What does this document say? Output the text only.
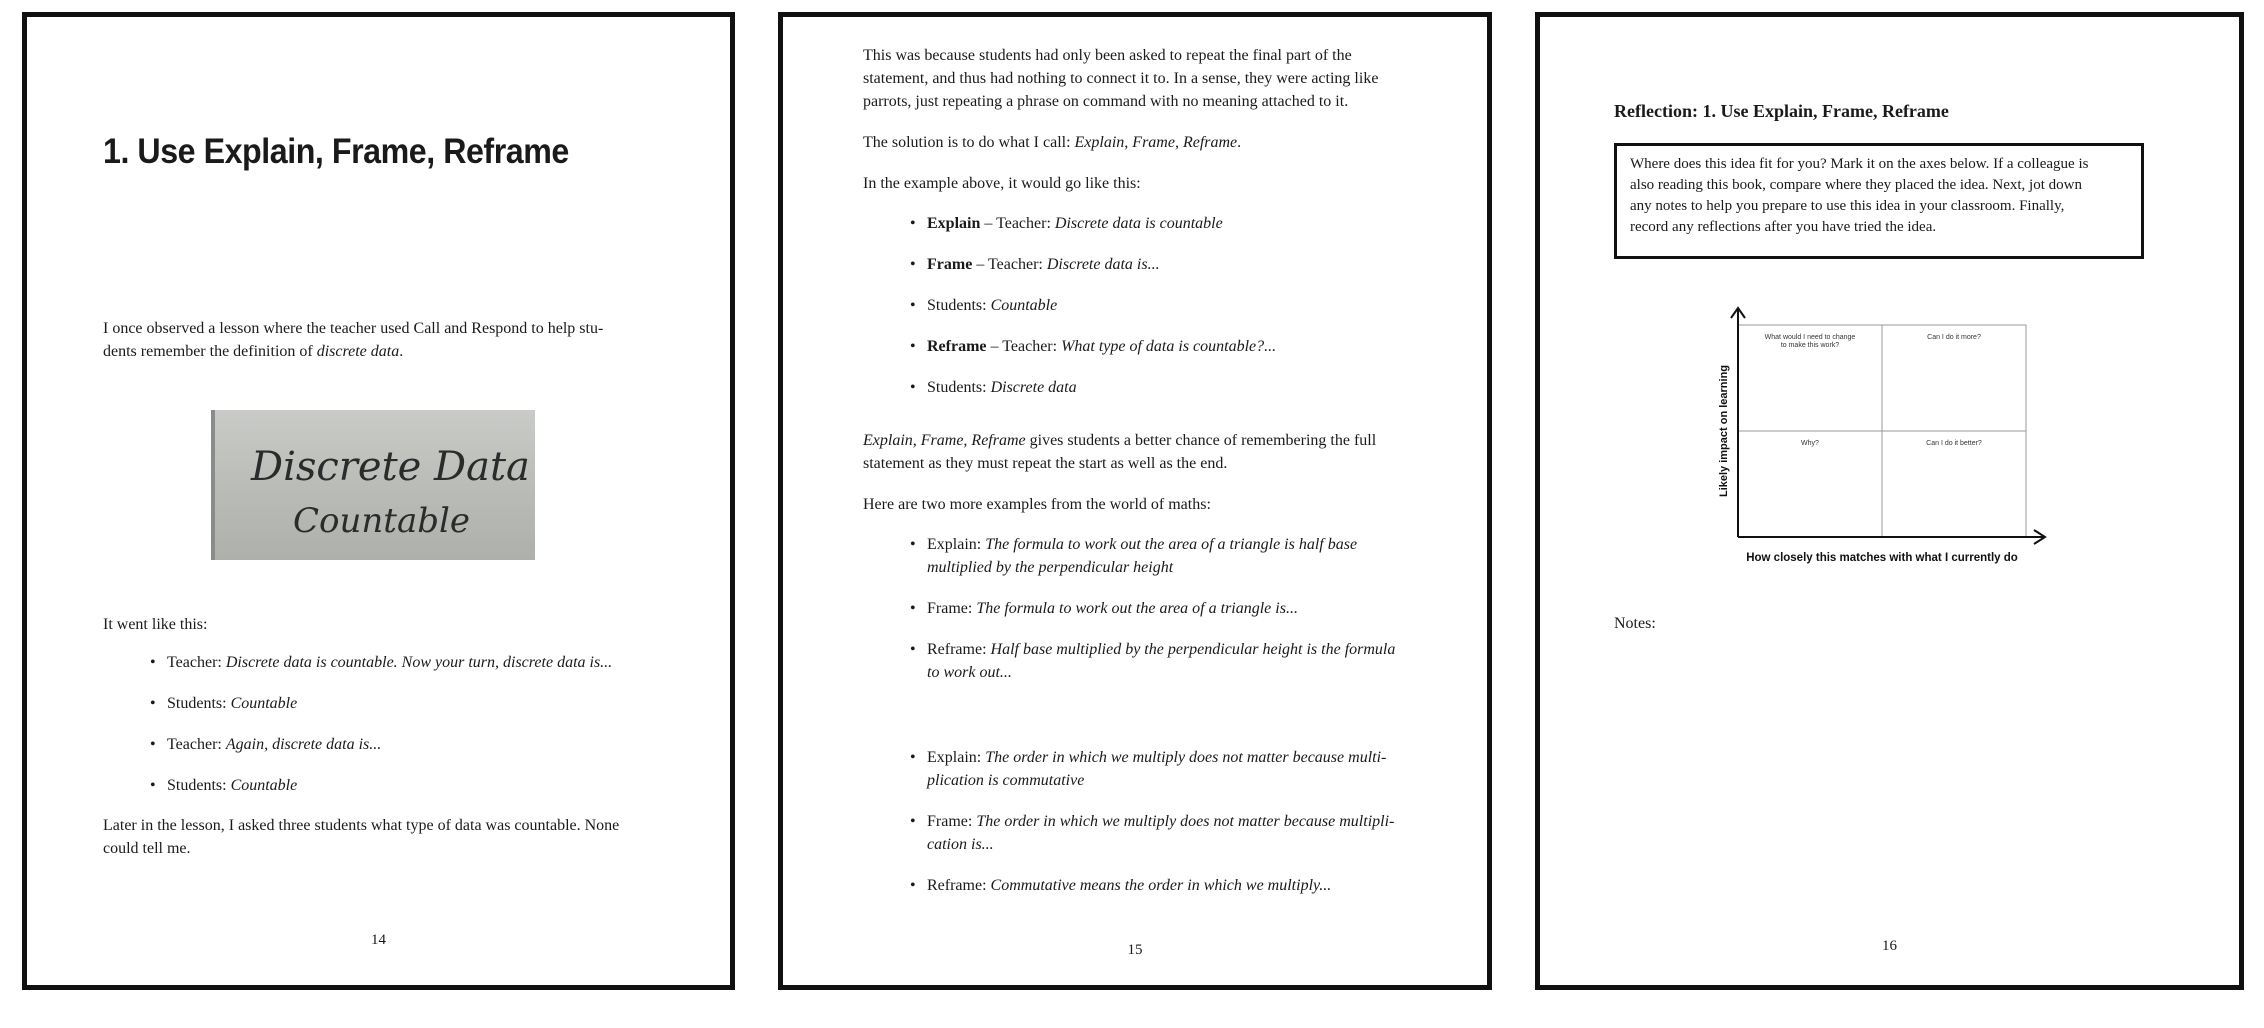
1. Use Explain, Frame, Reframe

I once observed a lesson where the teacher used Call and Respond to help stu-
dents remember the definition of discrete data.

Discrete Data
Countable

It went like this:

• Teacher: Discrete data is countable. Now your turn, discrete data is...
• Students: Countable
• Teacher: Again, discrete data is...
• Students: Countable

Later in the lesson, I asked three students what type of data was countable. None
could tell me.

14

This was because students had only been asked to repeat the final part of the
statement, and thus had nothing to connect it to. In a sense, they were acting like
parrots, just repeating a phrase on command with no meaning attached to it.

The solution is to do what I call: Explain, Frame, Reframe.

In the example above, it would go like this:

• Explain – Teacher: Discrete data is countable
• Frame – Teacher: Discrete data is...
• Students: Countable
• Reframe – Teacher: What type of data is countable?...
• Students: Discrete data

Explain, Frame, Reframe gives students a better chance of remembering the full
statement as they must repeat the start as well as the end.

Here are two more examples from the world of maths:

• Explain: The formula to work out the area of a triangle is half base
multiplied by the perpendicular height
• Frame: The formula to work out the area of a triangle is...
• Reframe: Half base multiplied by the perpendicular height is the formula
to work out...
• Explain: The order in which we multiply does not matter because multi-
plication is commutative
• Frame: The order in which we multiply does not matter because multipli-
cation is...
• Reframe: Commutative means the order in which we multiply...
15

Reflection: 1. Use Explain, Frame, Reframe

Where does this idea fit for you? Mark it on the axes below. If a colleague is
also reading this book, compare where they placed the idea. Next, jot down
any notes to help you prepare to use this idea in your classroom. Finally,
record any reflections after you have tried the idea.
What would I need to change
to make this work?
Can I do it more?
Why?	Can I do it better?
Likely impact on learning
How closely this matches with what I currently do

Notes:

16
